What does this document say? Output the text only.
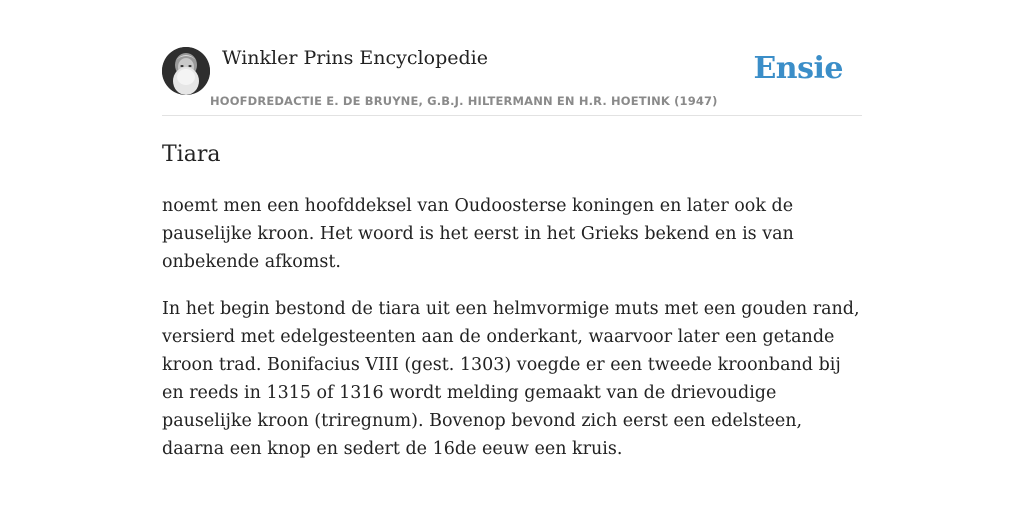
Winkler Prins Encyclopedie
HOOFDREDACTIE E. DE BRUYNE, G.B.J. HILTERMANN EN H.R. HOETINK (1947)
Ensie
Tiara

noemt men een hoofddeksel van Oudoosterse koningen en later ook de pauselijke kroon. Het woord is het eerst in het Grieks bekend en is van onbekende afkomst.

In het begin bestond de tiara uit een helmvormige muts met een gouden rand, versierd met edelgesteenten aan de onderkant, waarvoor later een getande kroon trad. Bonifacius VIII (gest. 1303) voegde er een tweede kroonband bij en reeds in 1315 of 1316 wordt melding gemaakt van de drievoudige pauselijke kroon (triregnum). Bovenop bevond zich eerst een edelsteen, daarna een knop en sedert de 16de eeuw een kruis.
